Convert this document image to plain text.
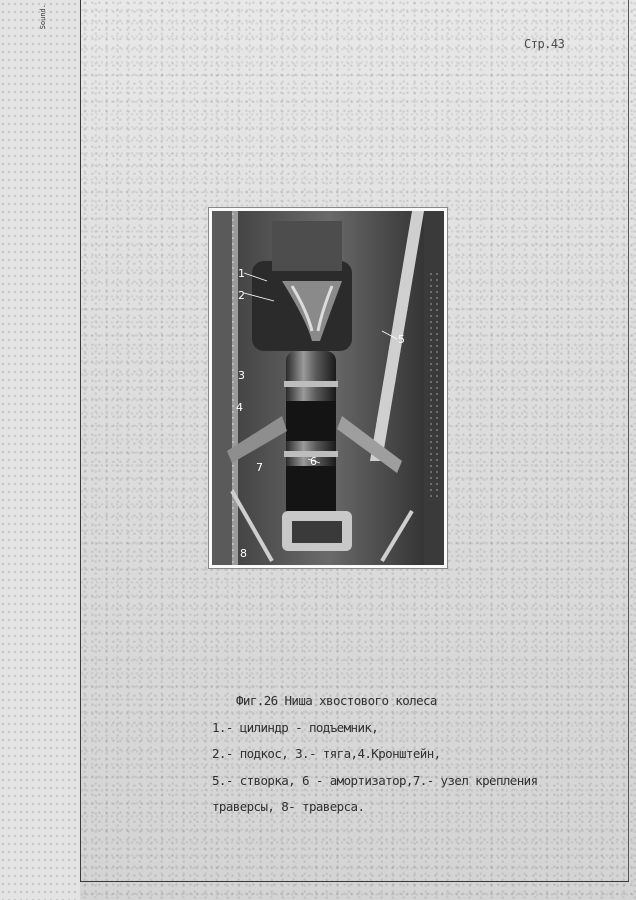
Sound.
Стр.43
1
2
3
4
5
6
7
8
Фиг.26 Ниша хвостового колеса
1.- цилиндр - подъемник,
2.- подкос, 3.- тяга,4.Кронштейн,
5.- створка, 6 - амортизатор,7.- узел крепления
траверсы, 8- траверса.
